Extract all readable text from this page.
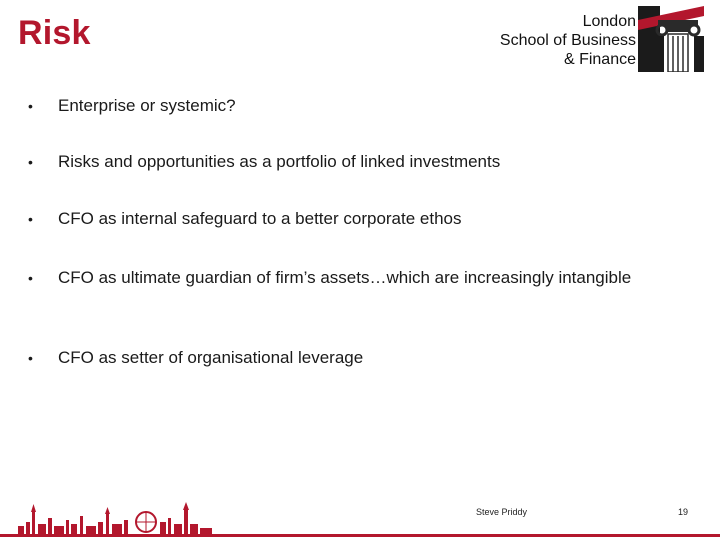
Risk	London
School of Business
& Finance
• Enterprise or systemic?
• Risks and opportunities as a portfolio of linked investments
• CFO as internal safeguard to a better corporate ethos
• CFO as ultimate guardian of firm’s assets…which are increasingly intangible
• CFO as setter of organisational leverage
Steve Priddy	19
